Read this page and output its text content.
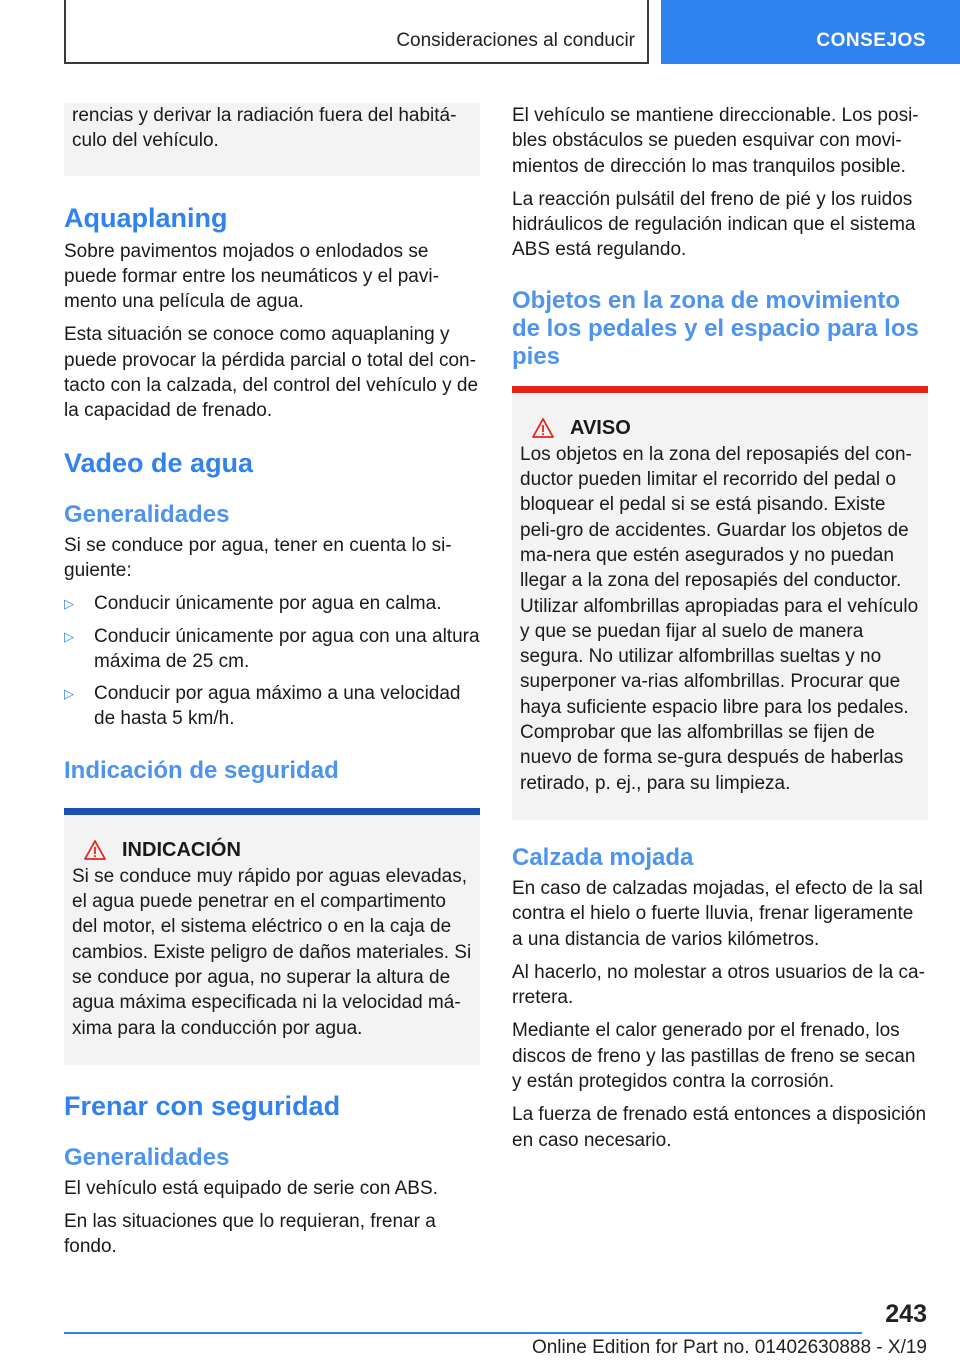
Consideraciones al conducir	CONSEJOS

rencias y derivar la radiación fuera del habitá-
culo del vehículo.

Aquaplaning

Sobre pavimentos mojados o enlodados se puede formar entre los neumáticos y el pavi-mento una película de agua.

Esta situación se conoce como aquaplaning y puede provocar la pérdida parcial o total del con-tacto con la calzada, del control del vehículo y de la capacidad de frenado.

Vadeo de agua
Generalidades

Si se conduce por agua, tener en cuenta lo si-guiente:

▷ Conducir únicamente por agua en calma.
▷ Conducir únicamente por agua con una altura máxima de 25 cm.
▷ Conducir por agua máximo a una velocidad de hasta 5 km/h.
Indicación de seguridad
INDICACIÓN

Si se conduce muy rápido por aguas elevadas, el agua puede penetrar en el compartimento del motor, el sistema eléctrico o en la caja de cambios. Existe peligro de daños materiales. Si se conduce por agua, no superar la altura de agua máxima especificada ni la velocidad má-xima para la conducción por agua.

Frenar con seguridad
Generalidades

El vehículo está equipado de serie con ABS.

En las situaciones que lo requieran, frenar a fondo.

El vehículo se mantiene direccionable. Los posi-bles obstáculos se pueden esquivar con movi-mientos de dirección lo mas tranquilos posible.

La reacción pulsátil del freno de pié y los ruidos hidráulicos de regulación indican que el sistema ABS está regulando.

Objetos en la zona de movimiento de los pedales y el espacio para los pies
AVISO

Los objetos en la zona del reposapiés del con-ductor pueden limitar el recorrido del pedal o bloquear el pedal si se está pisando. Existe peli-gro de accidentes. Guardar los objetos de ma-nera que estén asegurados y no puedan llegar a la zona del reposapiés del conductor. Utilizar alfombrillas apropiadas para el vehículo y que se puedan fijar al suelo de manera segura. No utilizar alfombrillas sueltas y no superponer va-rias alfombrillas. Procurar que haya suficiente espacio libre para los pedales. Comprobar que las alfombrillas se fijen de nuevo de forma se-gura después de haberlas retirado, p. ej., para su limpieza.

Calzada mojada

En caso de calzadas mojadas, el efecto de la sal contra el hielo o fuerte lluvia, frenar ligeramente a una distancia de varios kilómetros.

Al hacerlo, no molestar a otros usuarios de la ca-rretera.

Mediante el calor generado por el frenado, los discos de freno y las pastillas de freno se secan y están protegidos contra la corrosión.

La fuerza de frenado está entonces a disposición en caso necesario.

243
Online Edition for Part no. 01402630888 - X/19
